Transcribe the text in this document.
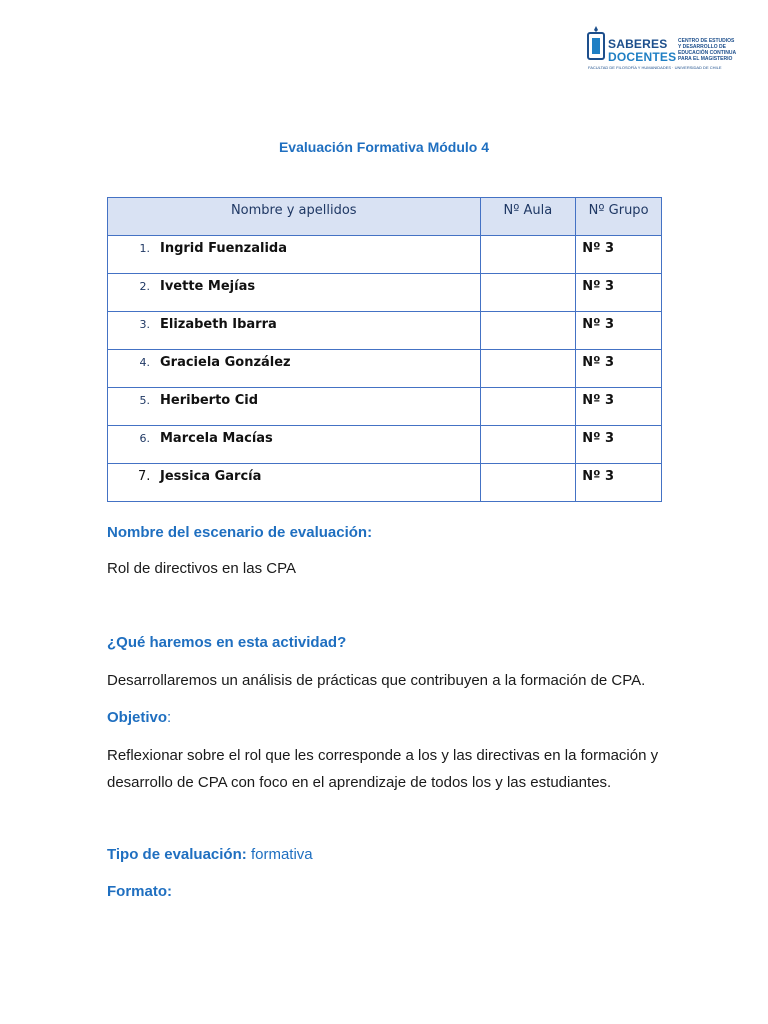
SABERES
DOCENTES
CENTRO DE ESTUDIOS
Y DESARROLLO DE
EDUCACIÓN CONTINUA
PARA EL MAGISTERIO
FACULTAD DE FILOSOFÍA Y HUMANIDADES · UNIVERSIDAD DE CHILE
Evaluación Formativa Módulo 4
Nombre y apellidos	Nº Aula	Nº Grupo

1. Ingrid Fuenzalida		Nº 3

2. Ivette Mejías		Nº 3

3. Elizabeth Ibarra		Nº 3

4. Graciela González		Nº 3

5. Heriberto Cid		Nº 3

6. Marcela Macías		Nº 3

7. Jessica García		Nº 3

Nombre del escenario de evaluación:

Rol de directivos en las CPA

¿Qué haremos en esta actividad?

Desarrollaremos un análisis de prácticas que contribuyen a la formación de CPA.

Objetivo:

Reflexionar sobre el rol que les corresponde a los y las directivas en la formación y desarrollo de CPA con foco en el aprendizaje de todos los y las estudiantes.

Tipo de evaluación: formativa

Formato:
